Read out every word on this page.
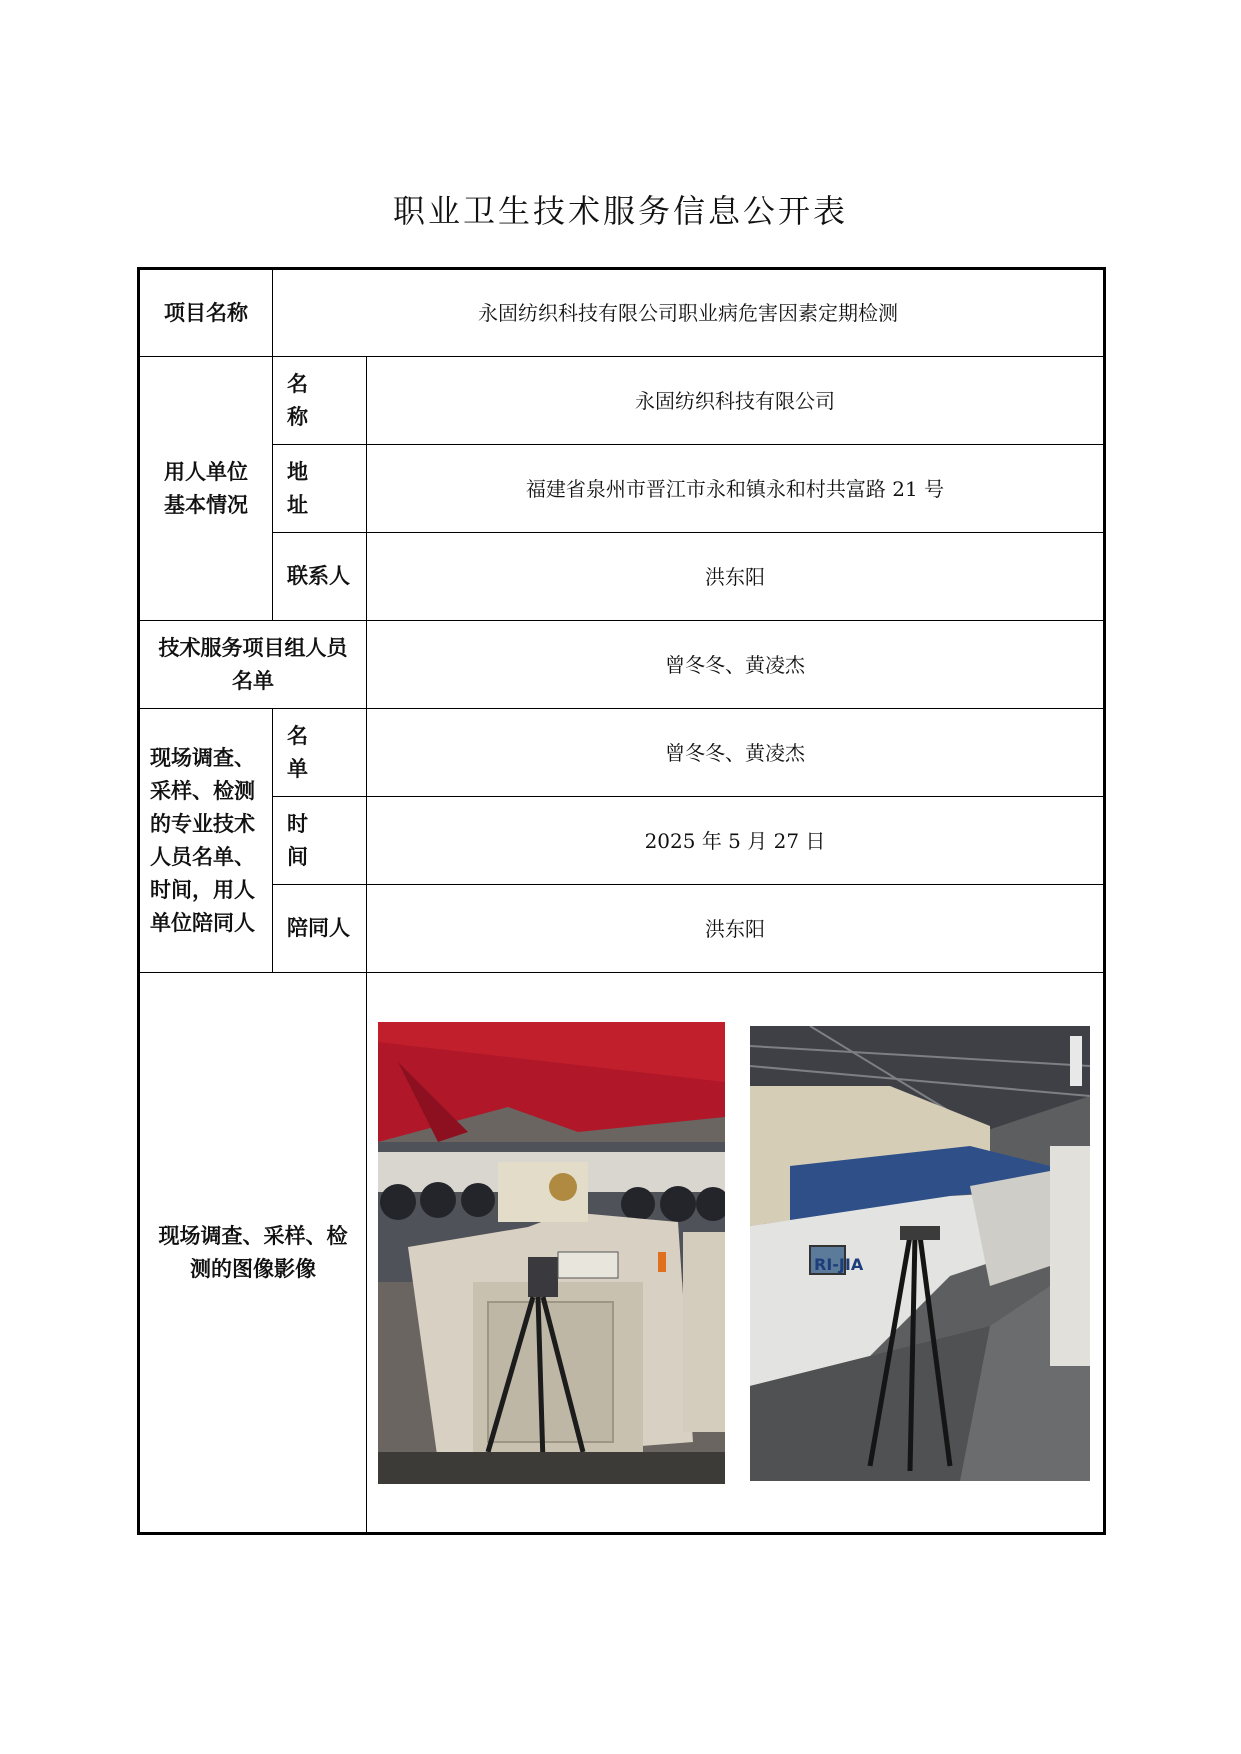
职业卫生技术服务信息公开表
项目名称	永固纺织科技有限公司职业病危害因素定期检测	

用人单位基本情况	名 称	永固纺织科技有限公司
	地 址	福建省泉州市晋江市永和镇永和村共富路 21 号
	联系人	洪东阳

技术服务项目组人员名单		曾冬冬、黄凌杰

现场调查、采样、检测的专业技术人员名单、时间，用人单位陪同人	名 单	曾冬冬、黄凌杰
	时 间	2025 年 5 月 27 日
	陪同人	洪东阳

现场调查、采样、检测的图像影像		RI-JIA
